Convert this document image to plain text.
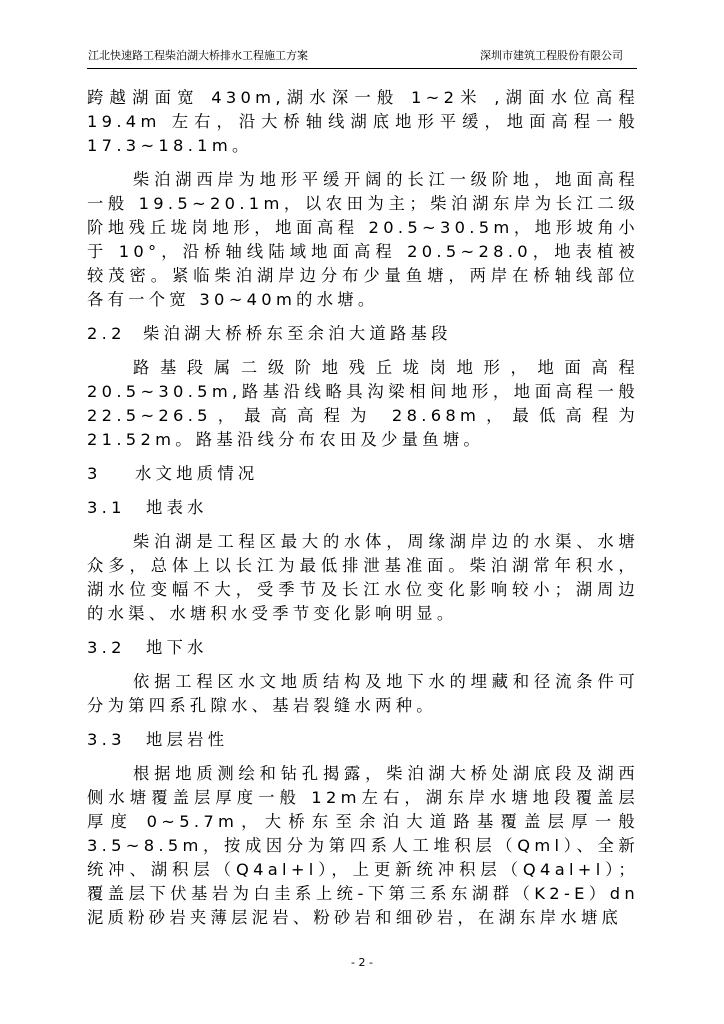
江北快速路工程柴泊湖大桥排水工程施工方案	深圳市建筑工程股份有限公司

跨越湖面宽 430m,湖水深一般 1~2米 ,湖面水位高程 19.4m 左右，沿大桥轴线湖底地形平缓，地面高程一般 17.3~18.1m。

柴泊湖西岸为地形平缓开阔的长江一级阶地，地面高程一般 19.5~20.1m，以农田为主；柴泊湖东岸为长江二级阶地残丘垅岗地形，地面高程 20.5~30.5m，地形坡角小于 10°，沿桥轴线陆域地面高程 20.5~28.0，地表植被较茂密。紧临柴泊湖岸边分布少量鱼塘，两岸在桥轴线部位各有一个宽 30~40m的水塘。

2.2 柴泊湖大桥桥东至余泊大道路基段

路基段属二级阶地残丘垅岗地形，地面高程 20.5~30.5m,路基沿线略具沟梁相间地形，地面高程一般 22.5~26.5，最高高程为 28.68m，最低高程为 21.52m。路基沿线分布农田及少量鱼塘。

3 水文地质情况

3.1 地表水

柴泊湖是工程区最大的水体，周缘湖岸边的水渠、水塘众多，总体上以长江为最低排泄基准面。柴泊湖常年积水，湖水位变幅不大，受季节及长江水位变化影响较小；湖周边的水渠、水塘积水受季节变化影响明显。

3.2 地下水

依据工程区水文地质结构及地下水的埋藏和径流条件可分为第四系孔隙水、基岩裂缝水两种。

3.3 地层岩性

根据地质测绘和钻孔揭露，柴泊湖大桥处湖底段及湖西侧水塘覆盖层厚度一般 12m左右，湖东岸水塘地段覆盖层厚度 0~5.7m，大桥东至余泊大道路基覆盖层厚一般3.5~8.5m，按成因分为第四系人工堆积层（Qml）、全新统冲、湖积层（Q4al+l），上更新统冲积层（Q4al+l）；覆盖层下伏基岩为白圭系上统-下第三系东湖群（K2-E）dn 泥质粉砂岩夹薄层泥岩、粉砂岩和细砂岩，在湖东岸水塘底

- 2 -
